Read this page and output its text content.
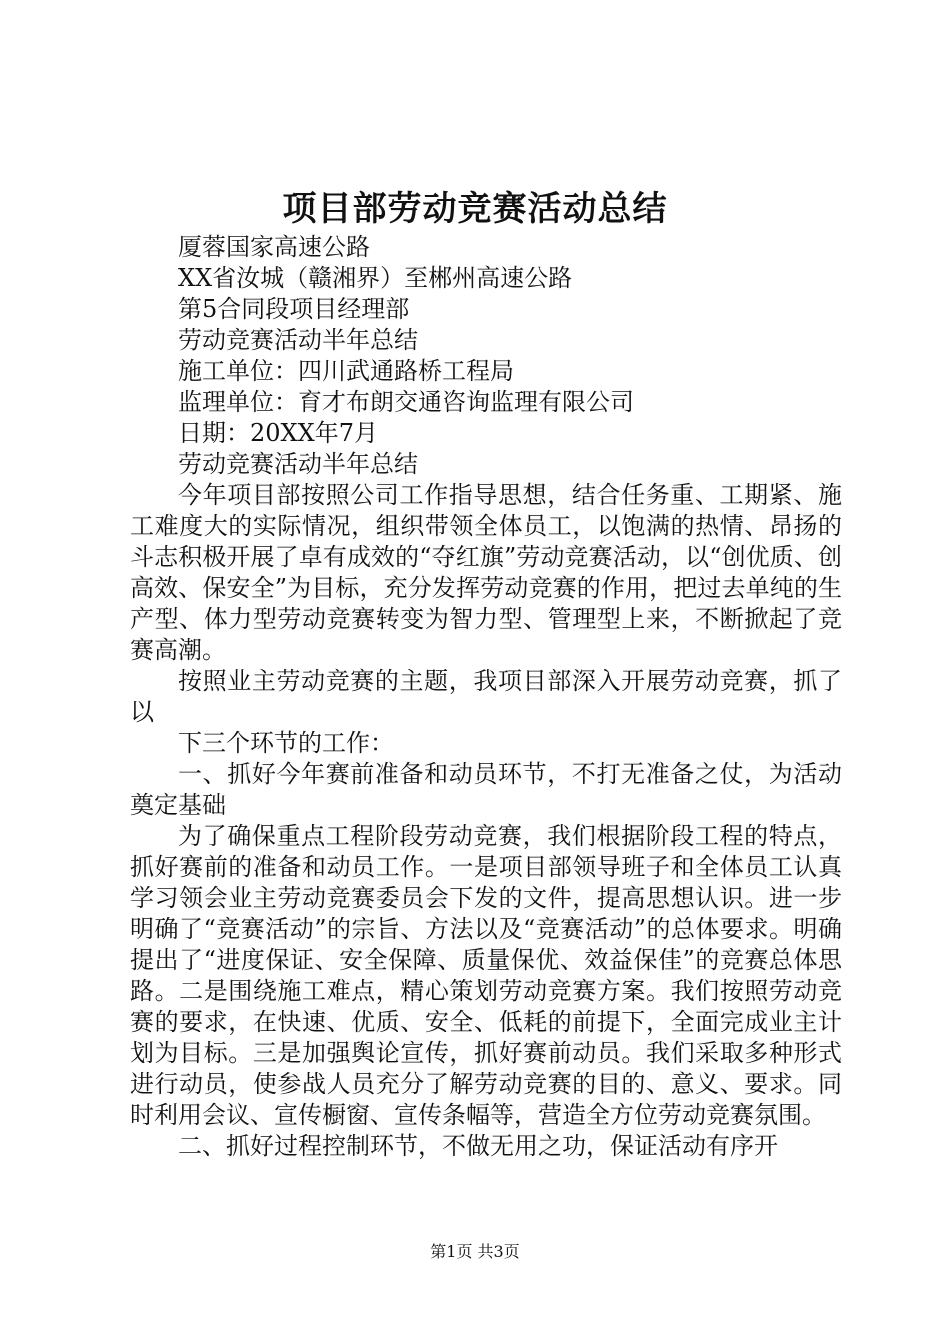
项目部劳动竞赛活动总结

厦蓉国家高速公路

XX省汝城（赣湘界）至郴州高速公路

第5合同段项目经理部

劳动竞赛活动半年总结

施工单位：四川武通路桥工程局

监理单位：育才布朗交通咨询监理有限公司

日期：20XX年7月

劳动竞赛活动半年总结

今年项目部按照公司工作指导思想，结合任务重、工期紧、施工难度大的实际情况，组织带领全体员工，以饱满的热情、昂扬的斗志积极开展了卓有成效的“夺红旗”劳动竞赛活动，以“创优质、创高效、保安全”为目标，充分发挥劳动竞赛的作用，把过去单纯的生产型、体力型劳动竞赛转变为智力型、管理型上来，不断掀起了竞赛高潮。

按照业主劳动竞赛的主题，我项目部深入开展劳动竞赛，抓了以

下三个环节的工作：

一、抓好今年赛前准备和动员环节，不打无准备之仗，为活动奠定基础

为了确保重点工程阶段劳动竞赛，我们根据阶段工程的特点，抓好赛前的准备和动员工作。一是项目部领导班子和全体员工认真学习领会业主劳动竞赛委员会下发的文件，提高思想认识。进一步明确了“竞赛活动”的宗旨、方法以及“竞赛活动”的总体要求。明确提出了“进度保证、安全保障、质量保优、效益保佳”的竞赛总体思路。二是围绕施工难点，精心策划劳动竞赛方案。我们按照劳动竞赛的要求，在快速、优质、安全、低耗的前提下，全面完成业主计划为目标。三是加强舆论宣传，抓好赛前动员。我们采取多种形式进行动员，使参战人员充分了解劳动竞赛的目的、意义、要求。同时利用会议、宣传橱窗、宣传条幅等，营造全方位劳动竞赛氛围。

二、抓好过程控制环节，不做无用之功，保证活动有序开

第1页 共3页
